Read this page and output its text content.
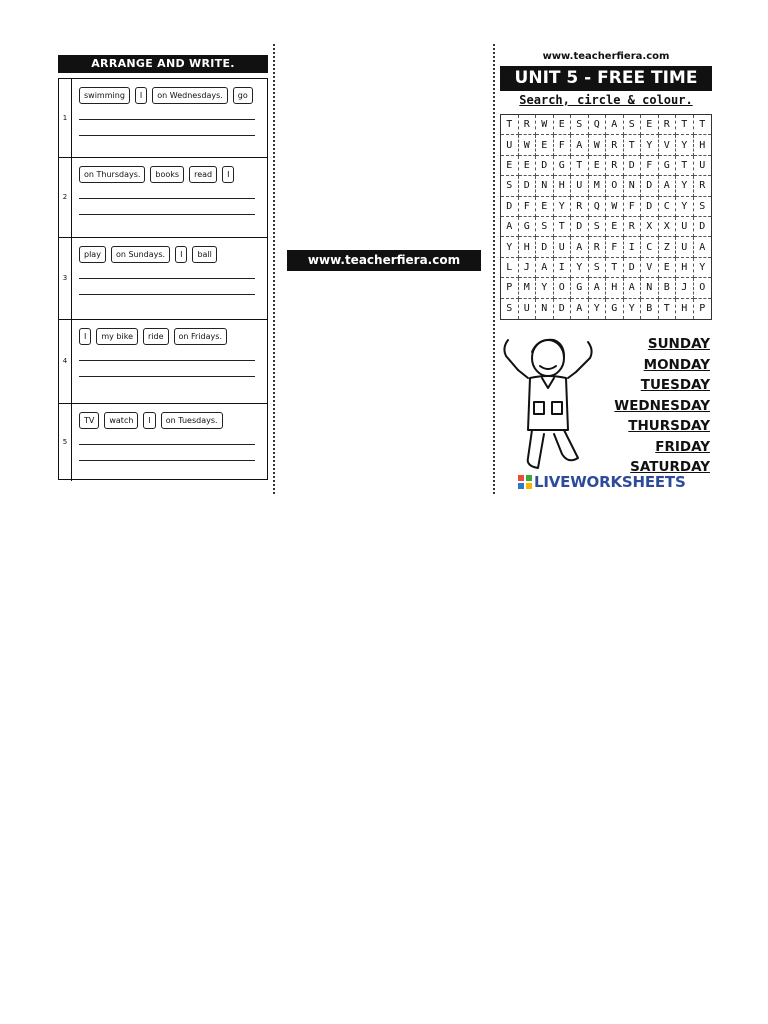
ARRANGE AND WRITE.
1
swimming	I	on Wednesdays.	go
2
on Thursdays.	books	read	I
3
play	on Sundays.	I	ball
4
I	my bike	ride	on Fridays.
5
TV	watch	I	on Tuesdays.
www.teacherfiera.com
www.teacherfiera.com
UNIT 5 - FREE TIME
Search, circle & colour.
T	R	W	E	S	Q	A	S	E	R	T	T
U	W	E	F	A	W	R	T	Y	V	Y	H
E	E	D	G	T	E	R	D	F	G	T	U
S	D	N	H	U	M	O	N	D	A	Y	R
D	F	E	Y	R	Q	W	F	D	C	Y	S
A	G	S	T	D	S	E	R	X	X	U	D
Y	H	D	U	A	R	F	I	C	Z	U	A
L	J	A	I	Y	S	T	D	V	E	H	Y
P	M	Y	O	G	A	H	A	N	B	J	O
S	U	N	D	A	Y	G	Y	B	T	H	P
SUNDAY
MONDAY
TUESDAY
WEDNESDAY
THURSDAY
FRIDAY
SATURDAY
LIVEWORKSHEETS
